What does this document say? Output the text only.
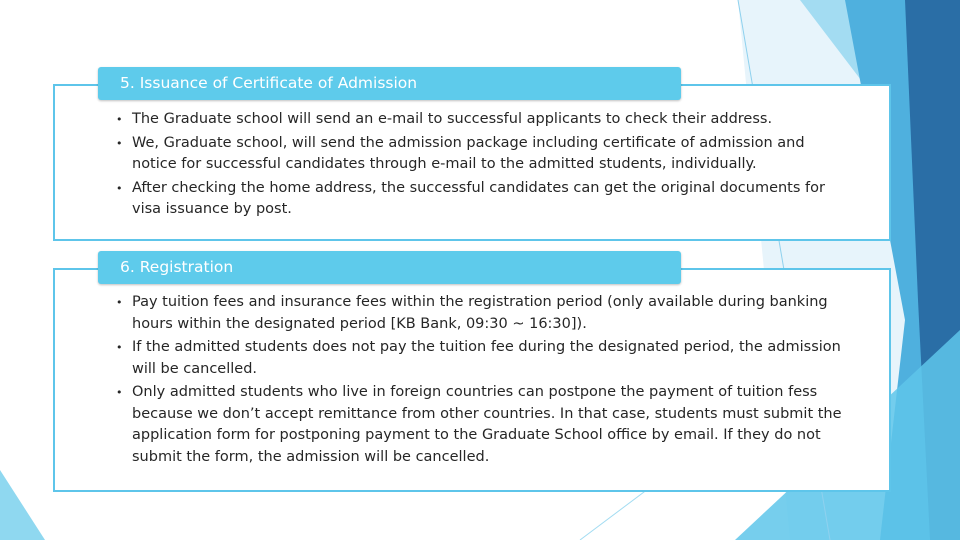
5. Issuance of Certificate of Admission
• The Graduate school will send an e-mail to successful applicants to check their address.
• We, Graduate school, will send the admission package including certificate of admission and notice for successful candidates through e-mail to the admitted students, individually.
• After checking the home address, the successful candidates can get the original documents for visa issuance by post.
6. Registration
• Pay tuition fees and insurance fees within the registration period (only available during banking hours within the designated period [KB Bank, 09:30 ~ 16:30]).
• If the admitted students does not pay the tuition fee during the designated period, the admission will be cancelled.
• Only admitted students who live in foreign countries can postpone the payment of tuition fess because we don’t accept remittance from other countries. In that case, students must submit the application form for postponing payment to the Graduate School office by email. If they do not submit the form, the admission will be cancelled.
